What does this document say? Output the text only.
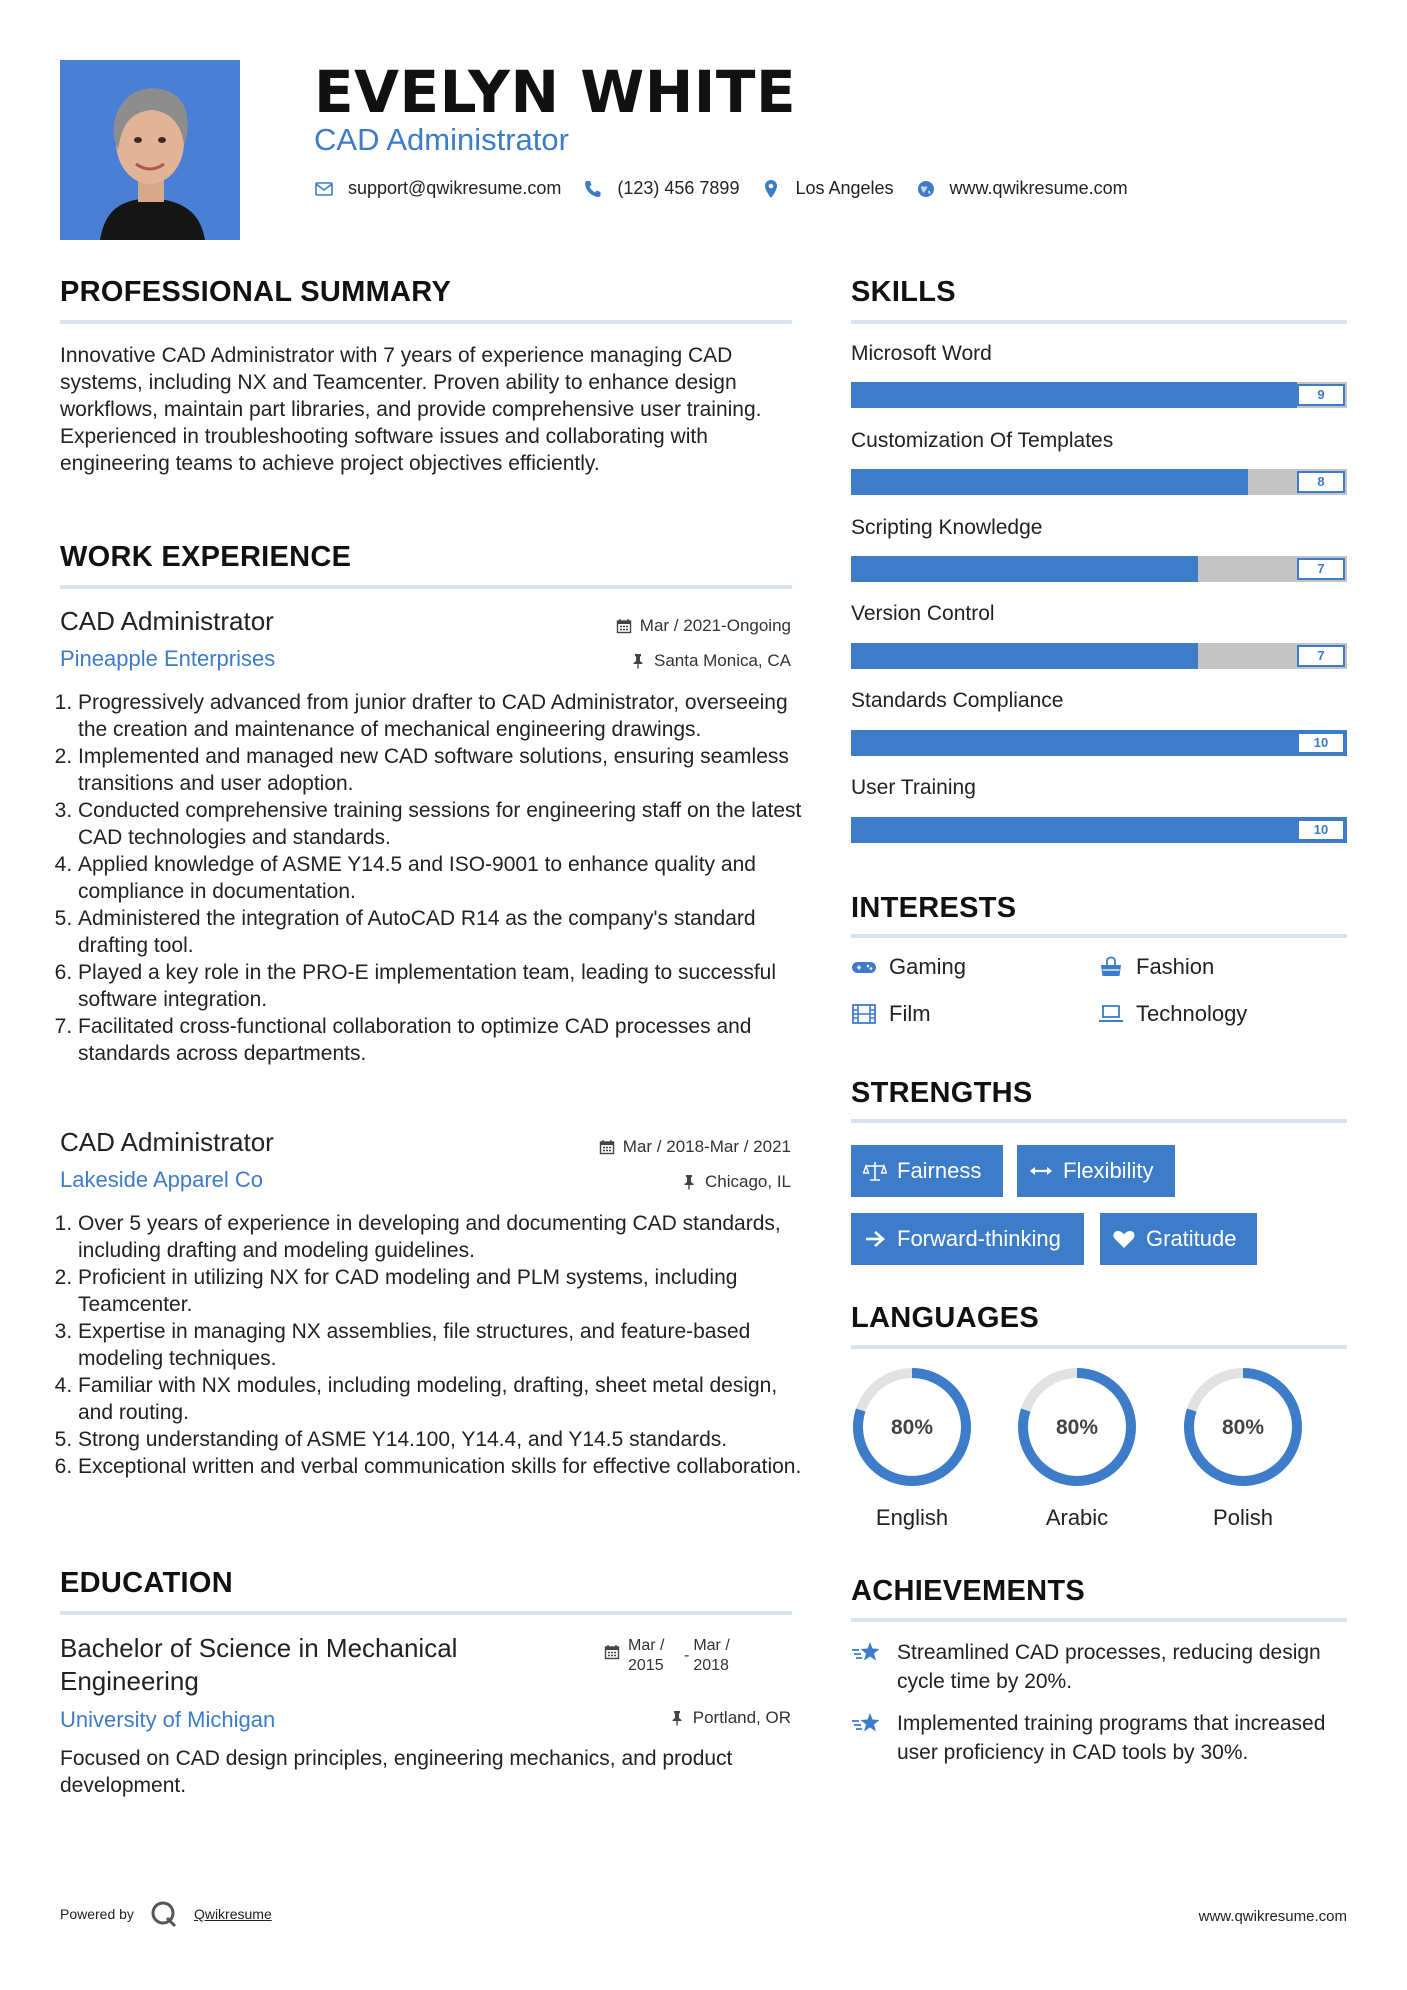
EVELYN WHITE
CAD Administrator
support@qwikresume.com	(123) 456 7899	Los Angeles	www.qwikresume.com
PROFESSIONAL SUMMARY
Innovative CAD Administrator with 7 years of experience managing CAD systems, including NX and Teamcenter. Proven ability to enhance design workflows, maintain part libraries, and provide comprehensive user training. Experienced in troubleshooting software issues and collaborating with engineering teams to achieve project objectives efficiently.
WORK EXPERIENCE
CAD Administrator	Mar / 2021-Ongoing
Pineapple Enterprises	Santa Monica, CA
1. Progressively advanced from junior drafter to CAD Administrator, overseeing the creation and maintenance of mechanical engineering drawings.
2. Implemented and managed new CAD software solutions, ensuring seamless transitions and user adoption.
3. Conducted comprehensive training sessions for engineering staff on the latest CAD technologies and standards.
4. Applied knowledge of ASME Y14.5 and ISO-9001 to enhance quality and compliance in documentation.
5. Administered the integration of AutoCAD R14 as the company's standard drafting tool.
6. Played a key role in the PRO-E implementation team, leading to successful software integration.
7. Facilitated cross-functional collaboration to optimize CAD processes and standards across departments.
CAD Administrator	Mar / 2018-Mar / 2021
Lakeside Apparel Co	Chicago, IL
1. Over 5 years of experience in developing and documenting CAD standards, including drafting and modeling guidelines.
2. Proficient in utilizing NX for CAD modeling and PLM systems, including Teamcenter.
3. Expertise in managing NX assemblies, file structures, and feature-based modeling techniques.
4. Familiar with NX modules, including modeling, drafting, sheet metal design, and routing.
5. Strong understanding of ASME Y14.100, Y14.4, and Y14.5 standards.
6. Exceptional written and verbal communication skills for effective collaboration.
EDUCATION
Bachelor of Science in Mechanical Engineering
Mar / 2015
-
Mar / 2018
University of Michigan	Portland, OR
Focused on CAD design principles, engineering mechanics, and product development.
SKILLS
Microsoft Word
9
Customization Of Templates
8
Scripting Knowledge
7
Version Control
7
Standards Compliance
10
User Training
10
INTERESTS
Gaming	Fashion
Film	Technology
STRENGTHS
Fairness	Flexibility
Forward-thinking	Gratitude
LANGUAGES
80%
English
80%
Arabic
80%
Polish
ACHIEVEMENTS
Streamlined CAD processes, reducing design cycle time by 20%.
Implemented training programs that increased user proficiency in CAD tools by 30%.
Powered by	Qwikresume	www.qwikresume.com
